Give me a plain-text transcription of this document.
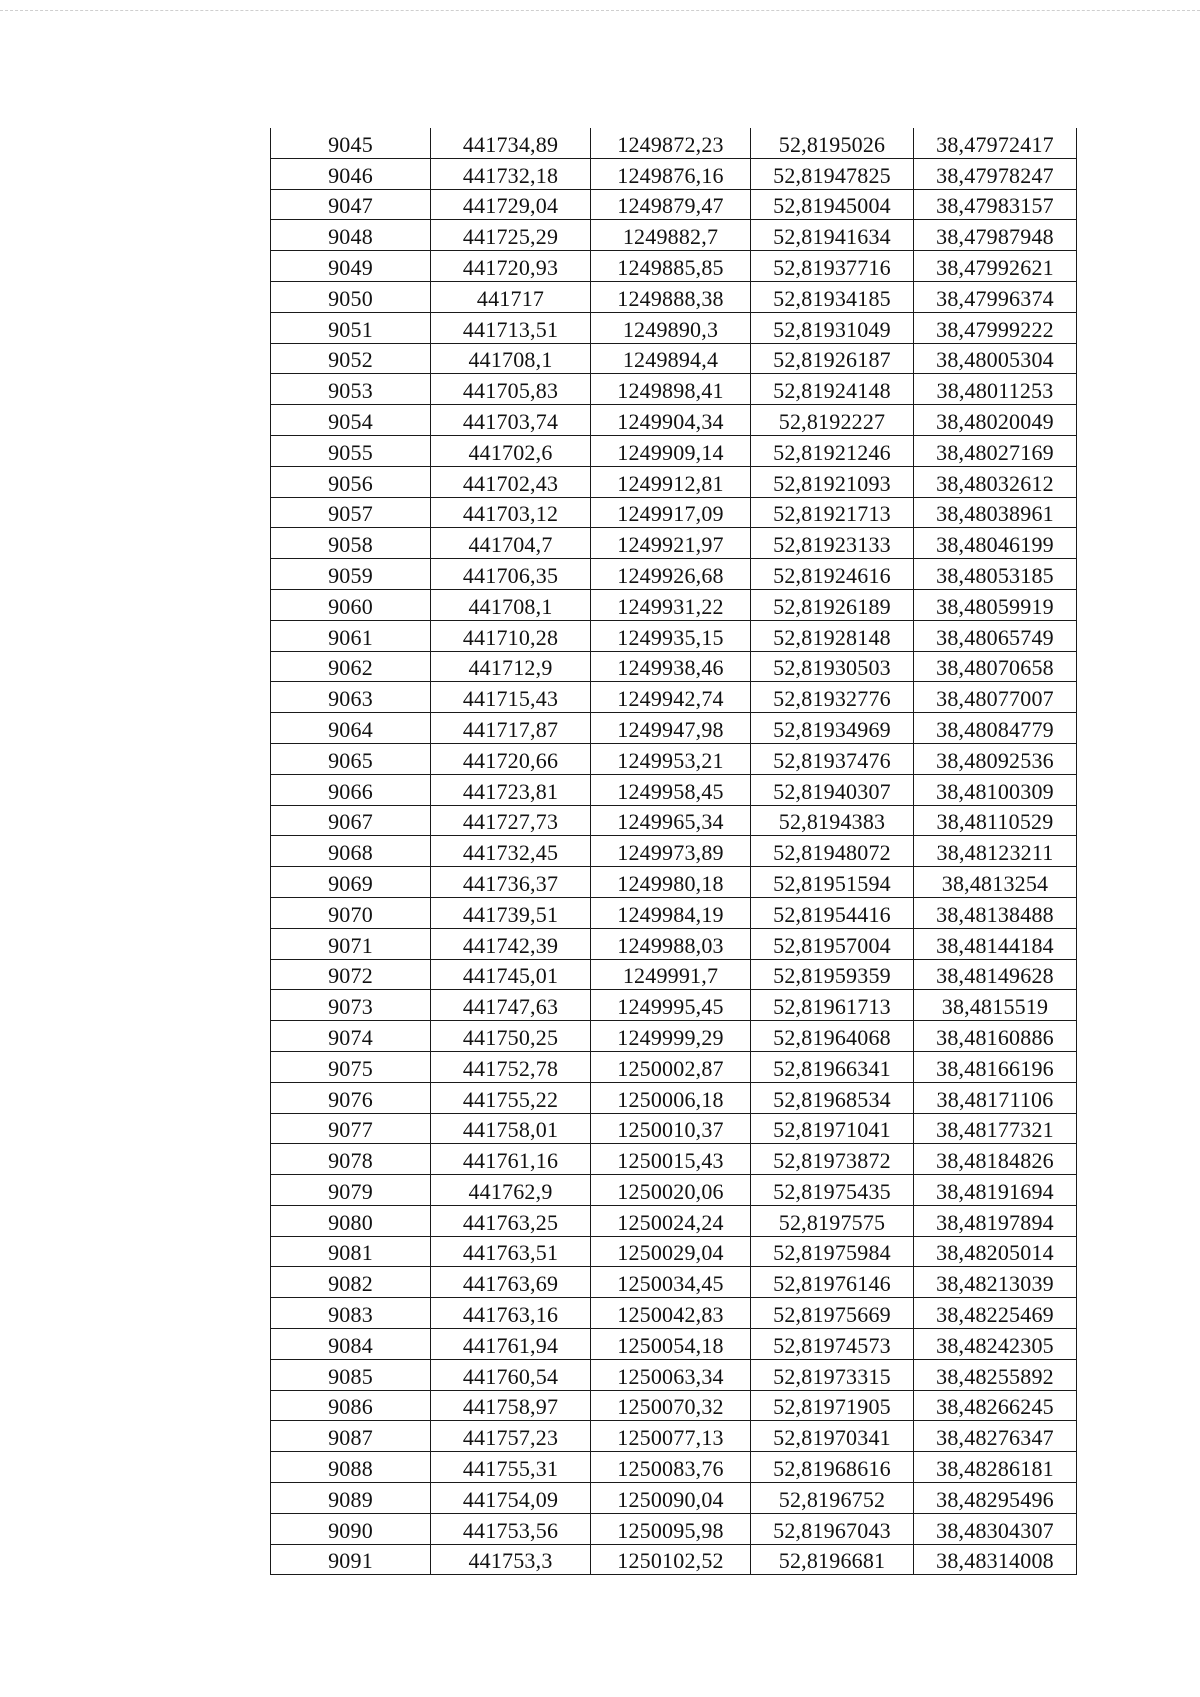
9045	441734,89	1249872,23	52,8195026	38,47972417
9046	441732,18	1249876,16	52,81947825	38,47978247
9047	441729,04	1249879,47	52,81945004	38,47983157
9048	441725,29	1249882,7	52,81941634	38,47987948
9049	441720,93	1249885,85	52,81937716	38,47992621
9050	441717	1249888,38	52,81934185	38,47996374
9051	441713,51	1249890,3	52,81931049	38,47999222
9052	441708,1	1249894,4	52,81926187	38,48005304
9053	441705,83	1249898,41	52,81924148	38,48011253
9054	441703,74	1249904,34	52,8192227	38,48020049
9055	441702,6	1249909,14	52,81921246	38,48027169
9056	441702,43	1249912,81	52,81921093	38,48032612
9057	441703,12	1249917,09	52,81921713	38,48038961
9058	441704,7	1249921,97	52,81923133	38,48046199
9059	441706,35	1249926,68	52,81924616	38,48053185
9060	441708,1	1249931,22	52,81926189	38,48059919
9061	441710,28	1249935,15	52,81928148	38,48065749
9062	441712,9	1249938,46	52,81930503	38,48070658
9063	441715,43	1249942,74	52,81932776	38,48077007
9064	441717,87	1249947,98	52,81934969	38,48084779
9065	441720,66	1249953,21	52,81937476	38,48092536
9066	441723,81	1249958,45	52,81940307	38,48100309
9067	441727,73	1249965,34	52,8194383	38,48110529
9068	441732,45	1249973,89	52,81948072	38,48123211
9069	441736,37	1249980,18	52,81951594	38,4813254
9070	441739,51	1249984,19	52,81954416	38,48138488
9071	441742,39	1249988,03	52,81957004	38,48144184
9072	441745,01	1249991,7	52,81959359	38,48149628
9073	441747,63	1249995,45	52,81961713	38,4815519
9074	441750,25	1249999,29	52,81964068	38,48160886
9075	441752,78	1250002,87	52,81966341	38,48166196
9076	441755,22	1250006,18	52,81968534	38,48171106
9077	441758,01	1250010,37	52,81971041	38,48177321
9078	441761,16	1250015,43	52,81973872	38,48184826
9079	441762,9	1250020,06	52,81975435	38,48191694
9080	441763,25	1250024,24	52,8197575	38,48197894
9081	441763,51	1250029,04	52,81975984	38,48205014
9082	441763,69	1250034,45	52,81976146	38,48213039
9083	441763,16	1250042,83	52,81975669	38,48225469
9084	441761,94	1250054,18	52,81974573	38,48242305
9085	441760,54	1250063,34	52,81973315	38,48255892
9086	441758,97	1250070,32	52,81971905	38,48266245
9087	441757,23	1250077,13	52,81970341	38,48276347
9088	441755,31	1250083,76	52,81968616	38,48286181
9089	441754,09	1250090,04	52,8196752	38,48295496
9090	441753,56	1250095,98	52,81967043	38,48304307
9091	441753,3	1250102,52	52,8196681	38,48314008
